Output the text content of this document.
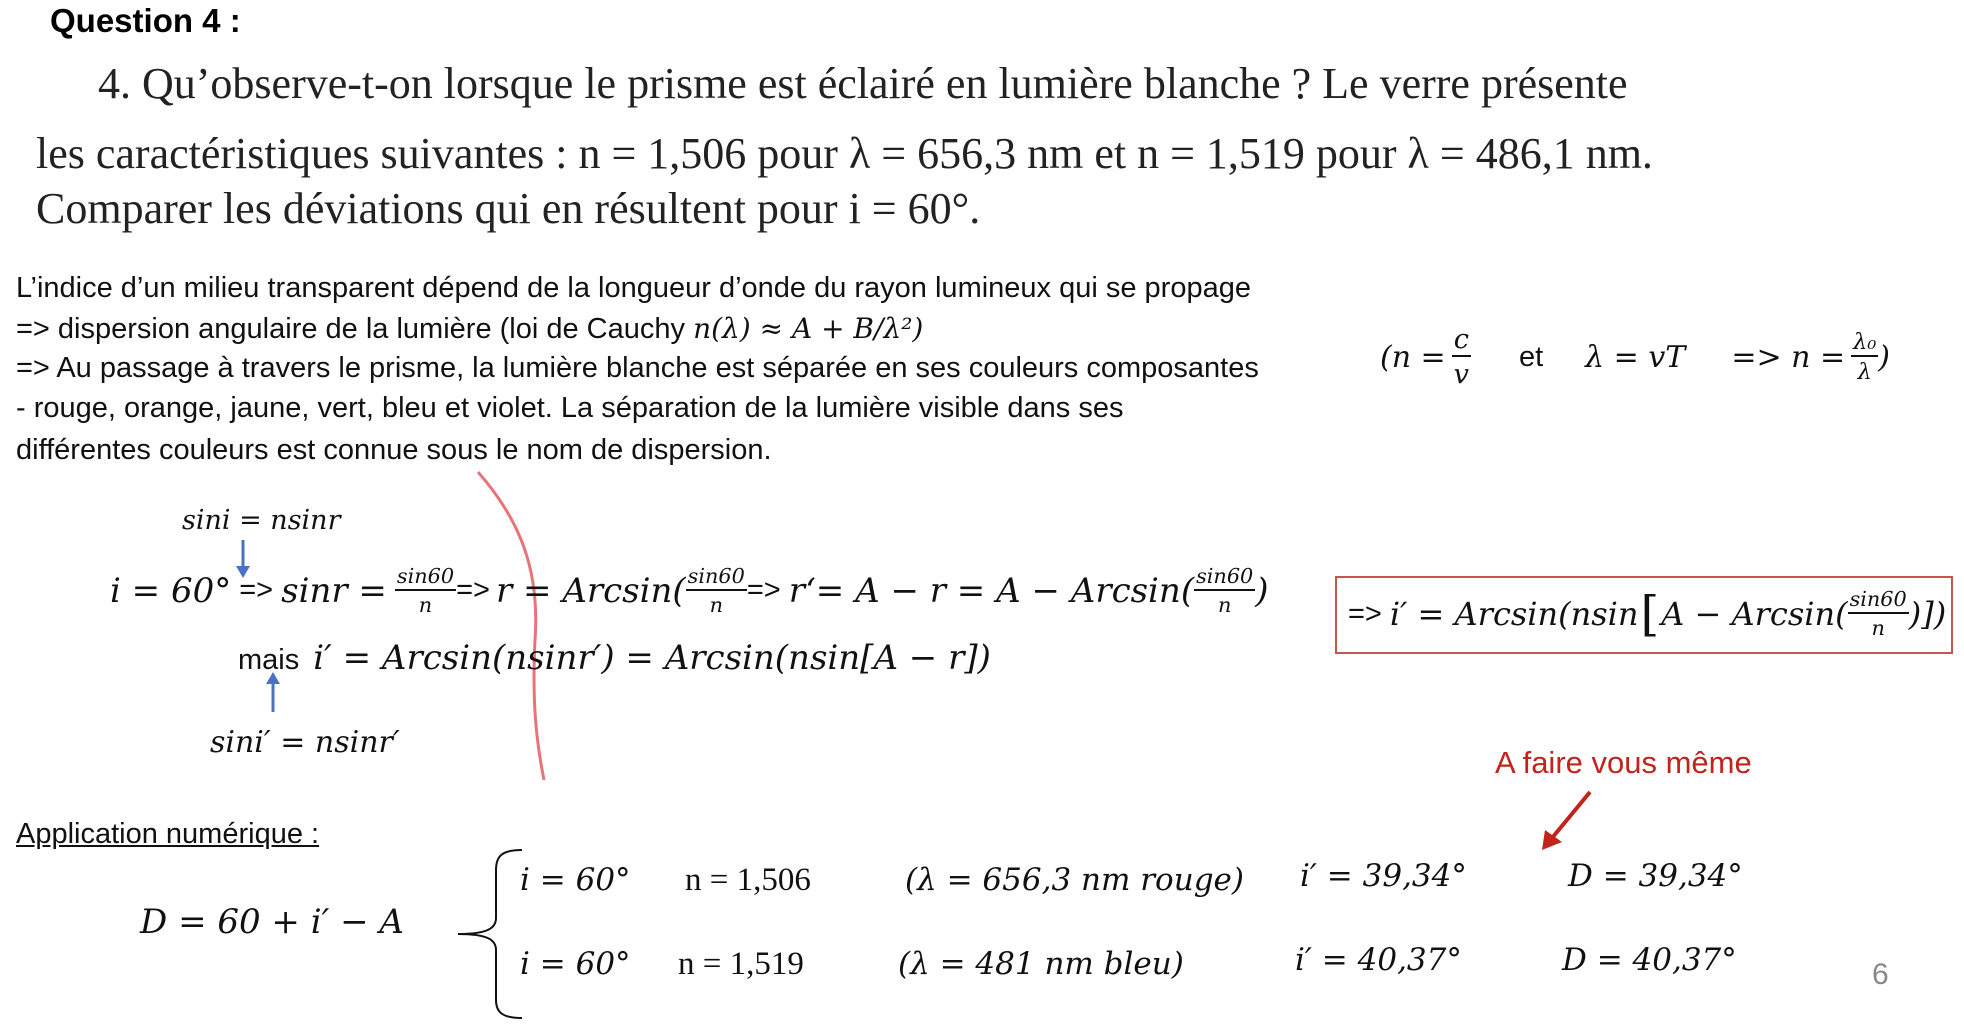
Question 4 :
4. Qu’observe-t-on lorsque le prisme est éclairé en lumière blanche ? Le verre présente
les caractéristiques suivantes : n = 1,506 pour λ = 656,3 nm et n = 1,519 pour λ = 486,1 nm.
Comparer les déviations qui en résultent pour i = 60°.
L’indice d’un milieu transparent dépend de la longueur d’onde du rayon lumineux qui se propage
=> dispersion angulaire de la lumière (loi de Cauchy n(λ) ≈ A + B/λ²)
=> Au passage à travers le prisme, la lumière blanche est séparée en ses couleurs composantes
- rouge, orange, jaune, vert, bleu et violet. La séparation de la lumière visible dans ses
différentes couleurs est connue sous le nom de dispersion.
($n = \frac{c}{v}$ et λ = vT => $n = \frac{\text{λ₀}}{\lambda}$ )
sini = nsinr
$i = 60^\circ => \sin r = \frac{\sin 60}{n} => r = Arcsin( \frac{\sin 60}{n}$ => r‘= $A - r = A - Arcsin( \frac{\sin 60}{n}$ )
mais i′ = Arcsin(nsinr′) = Arcsin(nsin[A − r])
sini′ = nsinr′
=> i′ = Arcsin(nsin [ $A - Arcsin( \frac{\sin 60}{n}$ )])
A faire vous même
Application numérique :
D = 60 + i′ − A
i = 60° n = 1,506	(λ = 656,3 nm rouge) i′ = 39,34°	D = 39,34°
i = 60° n = 1,519	(λ = 481 nm bleu)	i′ = 40,37°	D = 40,37°	6
